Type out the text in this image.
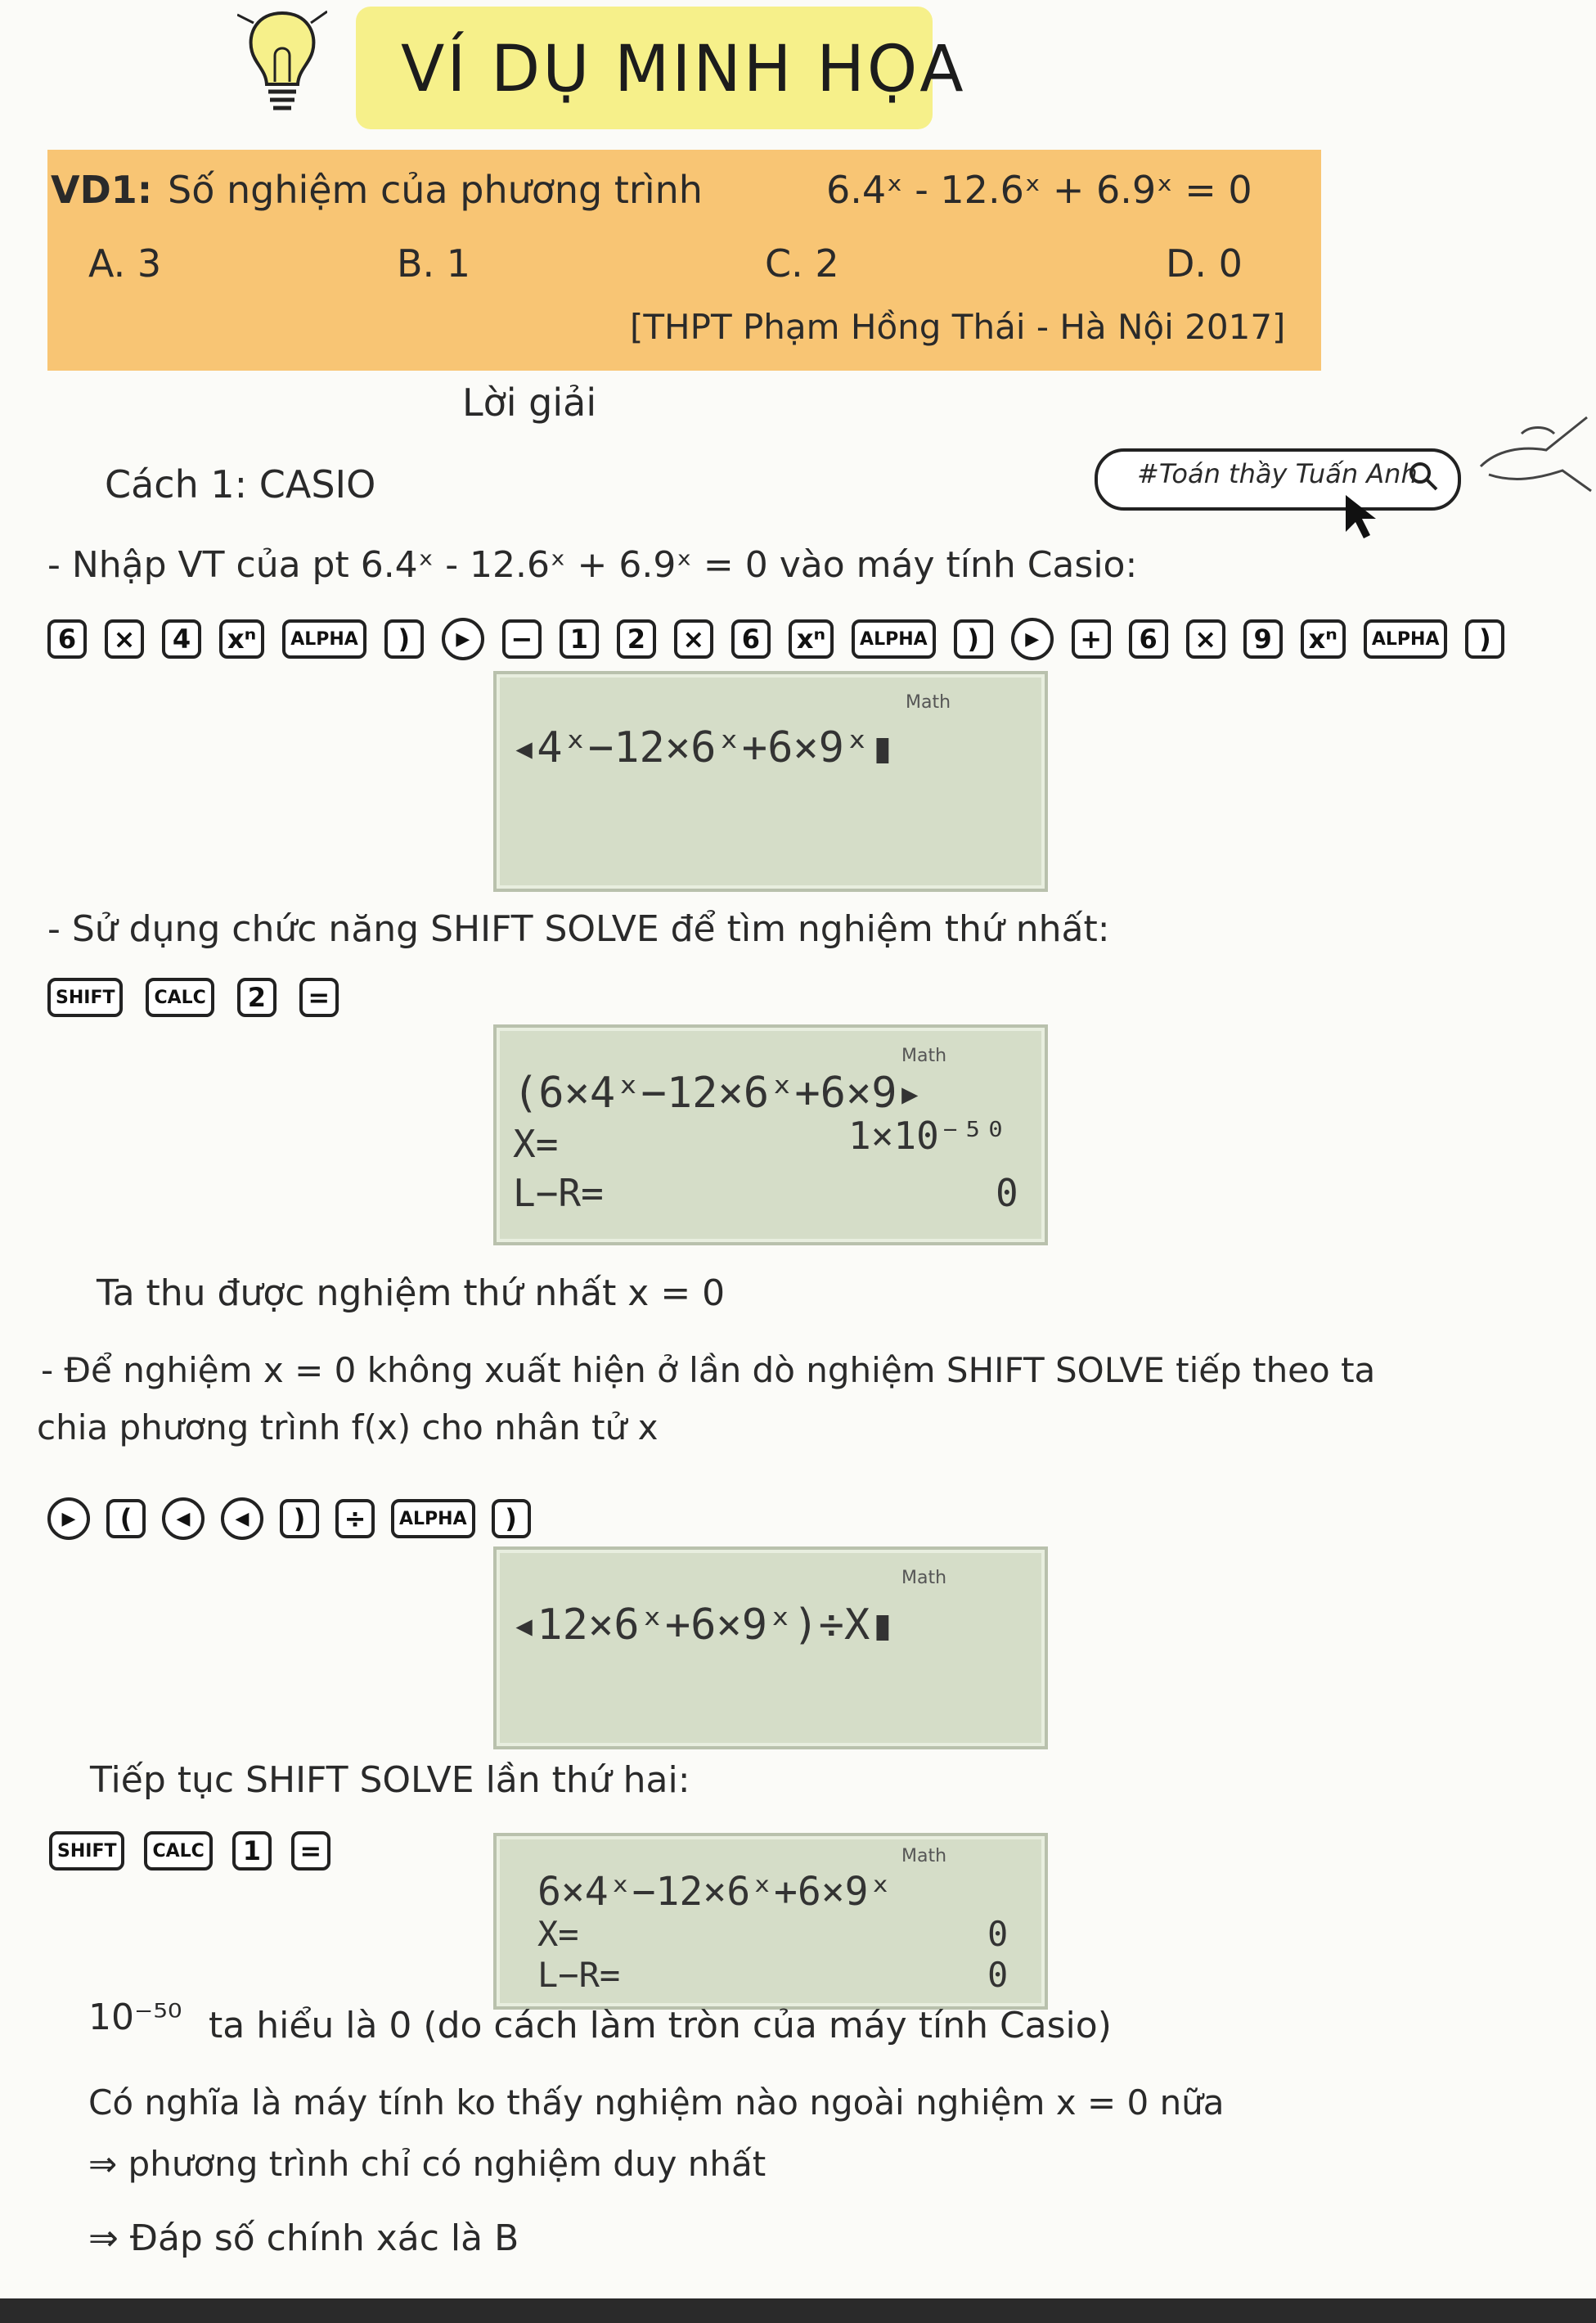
VÍ DỤ MINH HỌA
VD1: Số nghiệm của phương trình	6.4ˣ - 12.6ˣ + 6.9ˣ = 0
A. 3	B. 1	C. 2	D. 0
[THPT Phạm Hồng Thái - Hà Nội 2017]
Lời giải
Cách 1: CASIO	#Toán thầy Tuấn Anh
- Nhập VT của pt 6.4ˣ - 12.6ˣ + 6.9ˣ = 0 vào máy tính Casio:
6	×	4	xⁿ	ALPHA	)	▶	−	1	2	×	6	xⁿ	ALPHA	)	▶	+	6	×	9	xⁿ	ALPHA	)
Math
◂4ˣ−12×6ˣ+6×9ˣ▮
- Sử dụng chức năng SHIFT SOLVE để tìm nghiệm thứ nhất:
SHIFT	CALC	2	=
Math
(6×4ˣ−12×6ˣ+6×9▸
X=	1×10⁻⁵⁰
L−R=	0
Ta thu được nghiệm thứ nhất x = 0
- Để nghiệm x = 0 không xuất hiện ở lần dò nghiệm SHIFT SOLVE tiếp theo ta
chia phương trình f(x) cho nhân tử x
▶	(	◀	◀	)	÷	ALPHA	)
Math
◂12×6ˣ+6×9ˣ)÷X▮
Tiếp tục SHIFT SOLVE lần thứ hai:
SHIFT	CALC	1	=	Math
6×4ˣ−12×6ˣ+6×9ˣ
X=	0
L−R=	0
10⁻⁵⁰ ta hiểu là 0 (do cách làm tròn của máy tính Casio)
Có nghĩa là máy tính ko thấy nghiệm nào ngoài nghiệm x = 0 nữa
⇒ phương trình chỉ có nghiệm duy nhất
⇒ Đáp số chính xác là B
